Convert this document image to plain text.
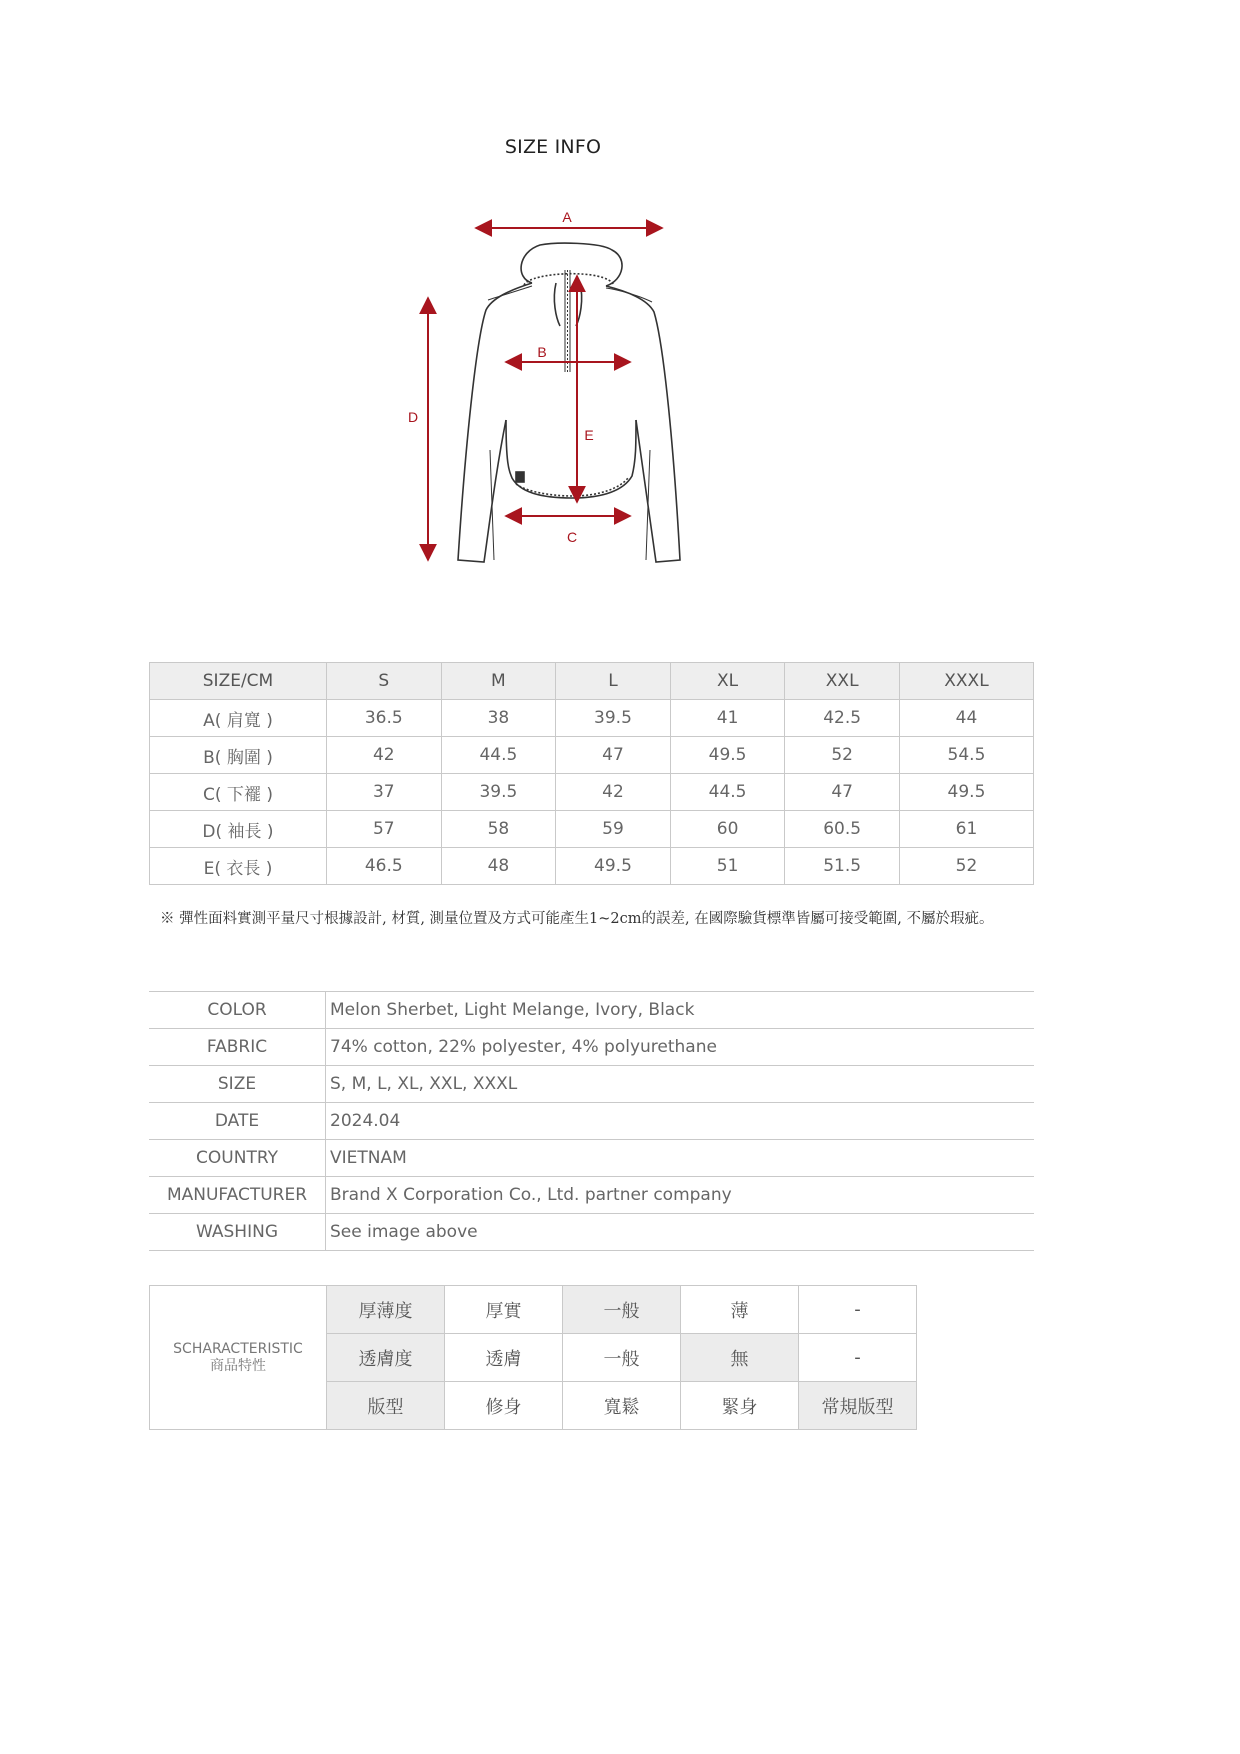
SIZE INFO
A
B
C
D
E
SIZE/CM	S	M	L	XL	XXL	XXXL
A( 肩寬 )	36.5	38	39.5	41	42.5	44
B( 胸圍 )	42	44.5	47	49.5	52	54.5
C( 下襬 )	37	39.5	42	44.5	47	49.5
D( 袖長 )	57	58	59	60	60.5	61
E( 衣長 )	46.5	48	49.5	51	51.5	52
※ 彈性面料實測平量尺寸根據設計, 材質, 測量位置及方式可能產生1~2cm的誤差, 在國際驗貨標準皆屬可接受範圍, 不屬於瑕疵。
COLOR	Melon Sherbet, Light Melange, Ivory, Black
FABRIC	74% cotton, 22% polyester, 4% polyurethane
SIZE	S, M, L, XL, XXL, XXXL
DATE	2024.04
COUNTRY	VIETNAM
MANUFACTURER	Brand X Corporation Co., Ltd. partner company
WASHING	See image above
SCHARACTERISTIC
商品特性	厚薄度	厚實	一般	薄	-
	透膚度	透膚	一般	無	-
	版型	修身	寬鬆	緊身	常規版型
